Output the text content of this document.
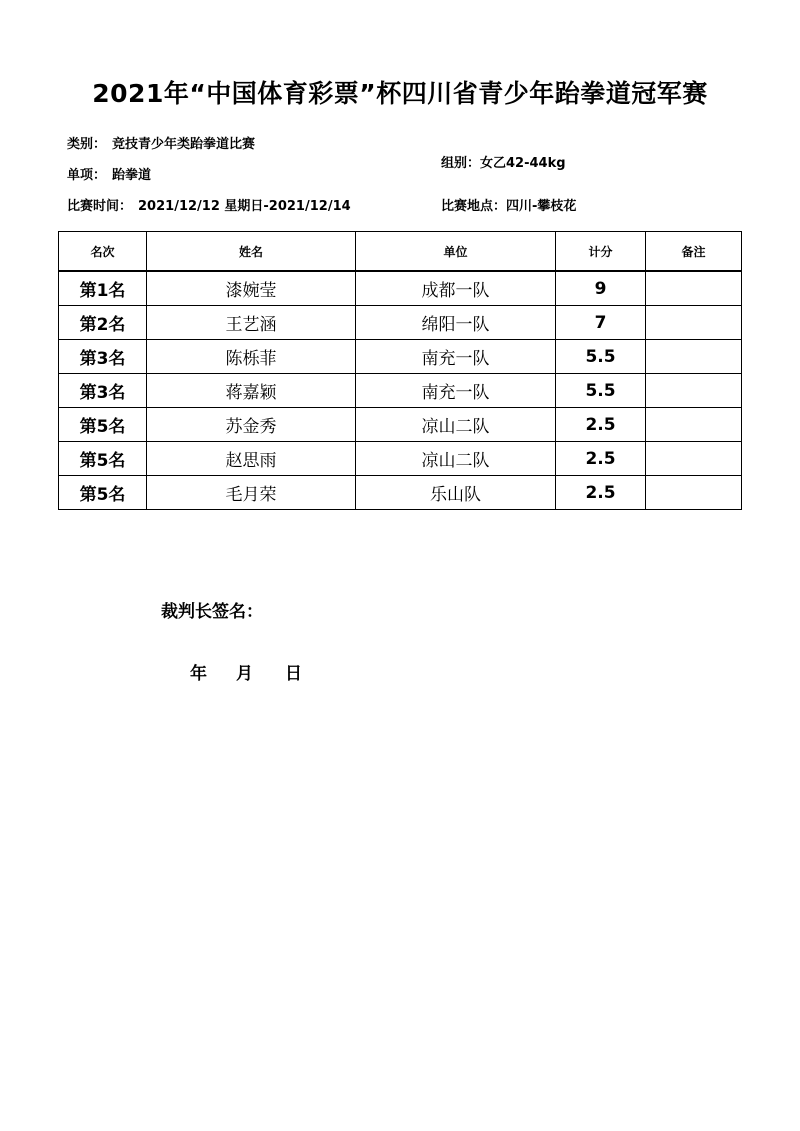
2021年“中国体育彩票”杯四川省青少年跆拳道冠军赛
类别： 竞技青少年类跆拳道比赛
单项： 跆拳道
组别：女乙42-44kg
比赛时间： 2021/12/12 星期日-2021/12/14	比赛地点：四川-攀枝花
名次	姓名	单位	计分	备注
第1名	漆婉莹	成都一队	9	
第2名	王艺涵	绵阳一队	7	
第3名	陈栎菲	南充一队	5.5	
第3名	蒋嘉颖	南充一队	5.5	
第5名	苏金秀	凉山二队	2.5	
第5名	赵思雨	凉山二队	2.5	
第5名	毛月荣	乐山队	2.5	
裁判长签名：
年 月 日
